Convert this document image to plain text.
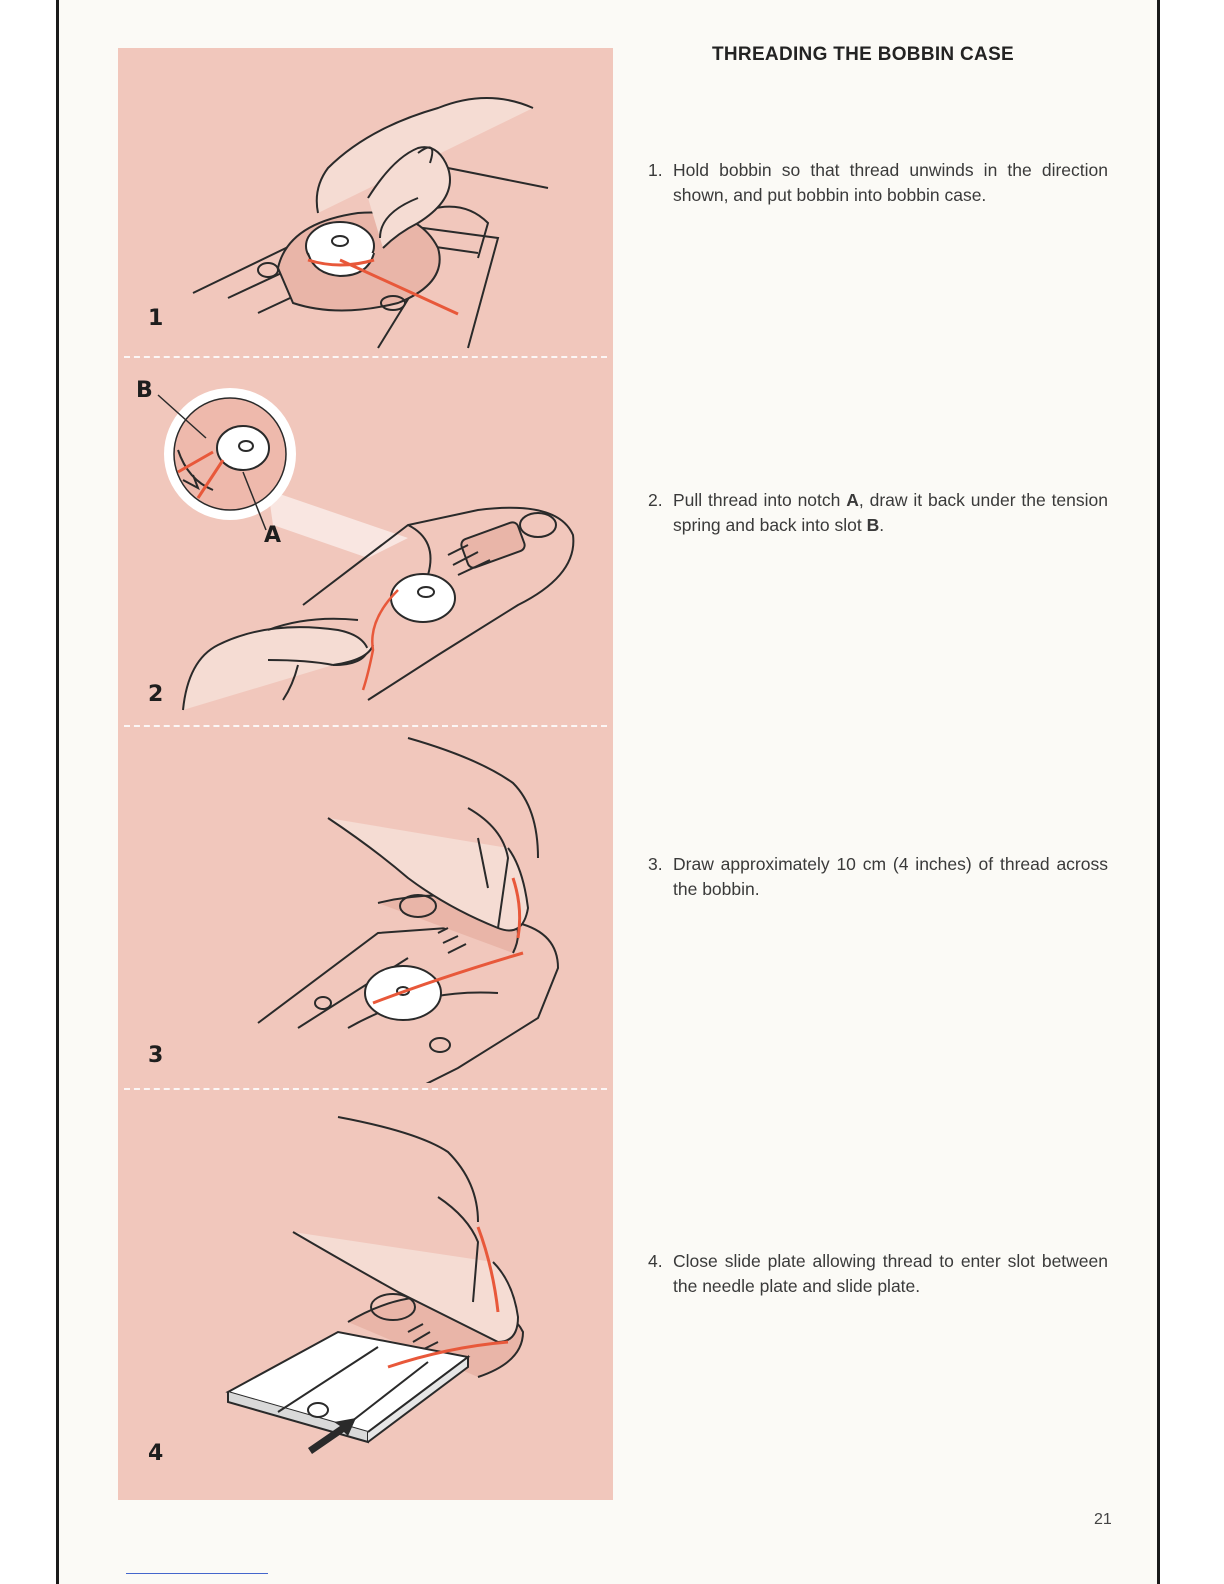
1
B
A
2
3
4
THREADING THE BOBBIN CASE
1. Hold bobbin so that thread unwinds in the direction shown, and put bobbin into bobbin case.
2. Pull thread into notch A, draw it back under the tension spring and back into slot B.
3. Draw approximately 10 cm (4 inches) of thread across the bobbin.
4. Close slide plate allowing thread to enter slot between the needle plate and slide plate.
21
